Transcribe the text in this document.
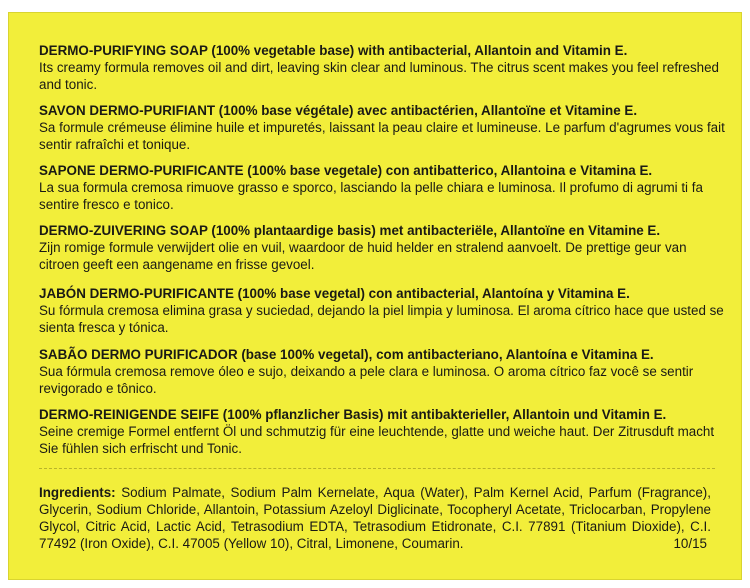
DERMO-PURIFYING SOAP (100% vegetable base) with antibacterial, Allantoin and Vitamin E.
Its creamy formula removes oil and dirt, leaving skin clear and luminous. The citrus scent makes you feel refreshed and tonic.

SAVON DERMO-PURIFIANT (100% base végétale) avec antibactérien, Allantoïne et Vitamine E.
Sa formule crémeuse élimine huile et impuretés, laissant la peau claire et lumineuse. Le parfum d'agrumes vous fait sentir rafraîchi et tonique.

SAPONE DERMO-PURIFICANTE (100% base vegetale) con antibatterico, Allantoina e Vitamina E.
La sua formula cremosa rimuove grasso e sporco, lasciando la pelle chiara e luminosa. Il profumo di agrumi ti fa sentire fresco e tonico.

DERMO-ZUIVERING SOAP (100% plantaardige basis) met antibacteriële, Allantoïne en Vitamine E.
Zijn romige formule verwijdert olie en vuil, waardoor de huid helder en stralend aanvoelt. De prettige geur van citroen geeft een aangename en frisse gevoel.

JABÓN DERMO-PURIFICANTE (100% base vegetal) con antibacterial, Alantoína y Vitamina E.
Su fórmula cremosa elimina grasa y suciedad, dejando la piel limpia y luminosa. El aroma cítrico hace que usted se sienta fresca y tónica.

SABÃO DERMO PURIFICADOR (base 100% vegetal), com antibacteriano, Alantoína e Vitamina E.
Sua fórmula cremosa remove óleo e sujo, deixando a pele clara e luminosa. O aroma cítrico faz você se sentir revigorado e tônico.

DERMO-REINIGENDE SEIFE (100% pflanzlicher Basis) mit antibakterieller, Allantoin und Vitamin E.
Seine cremige Formel entfernt Öl und schmutzig für eine leuchtende, glatte und weiche haut. Der Zitrusduft macht Sie fühlen sich erfrischt und Tonic.

Ingredients: Sodium Palmate, Sodium Palm Kernelate, Aqua (Water), Palm Kernel Acid, Parfum (Fragrance), Glycerin, Sodium Chloride, Allantoin, Potassium Azeloyl Diglicinate, Tocopheryl Acetate, Triclocarban, Propylene Glycol, Citric Acid, Lactic Acid, Tetrasodium EDTA, Tetrasodium Etidronate, C.I. 77891 (Titanium Dioxide), C.I. 77492 (Iron Oxide), C.I. 47005 (Yellow 10), Citral, Limonene, Coumarin.	10/15
